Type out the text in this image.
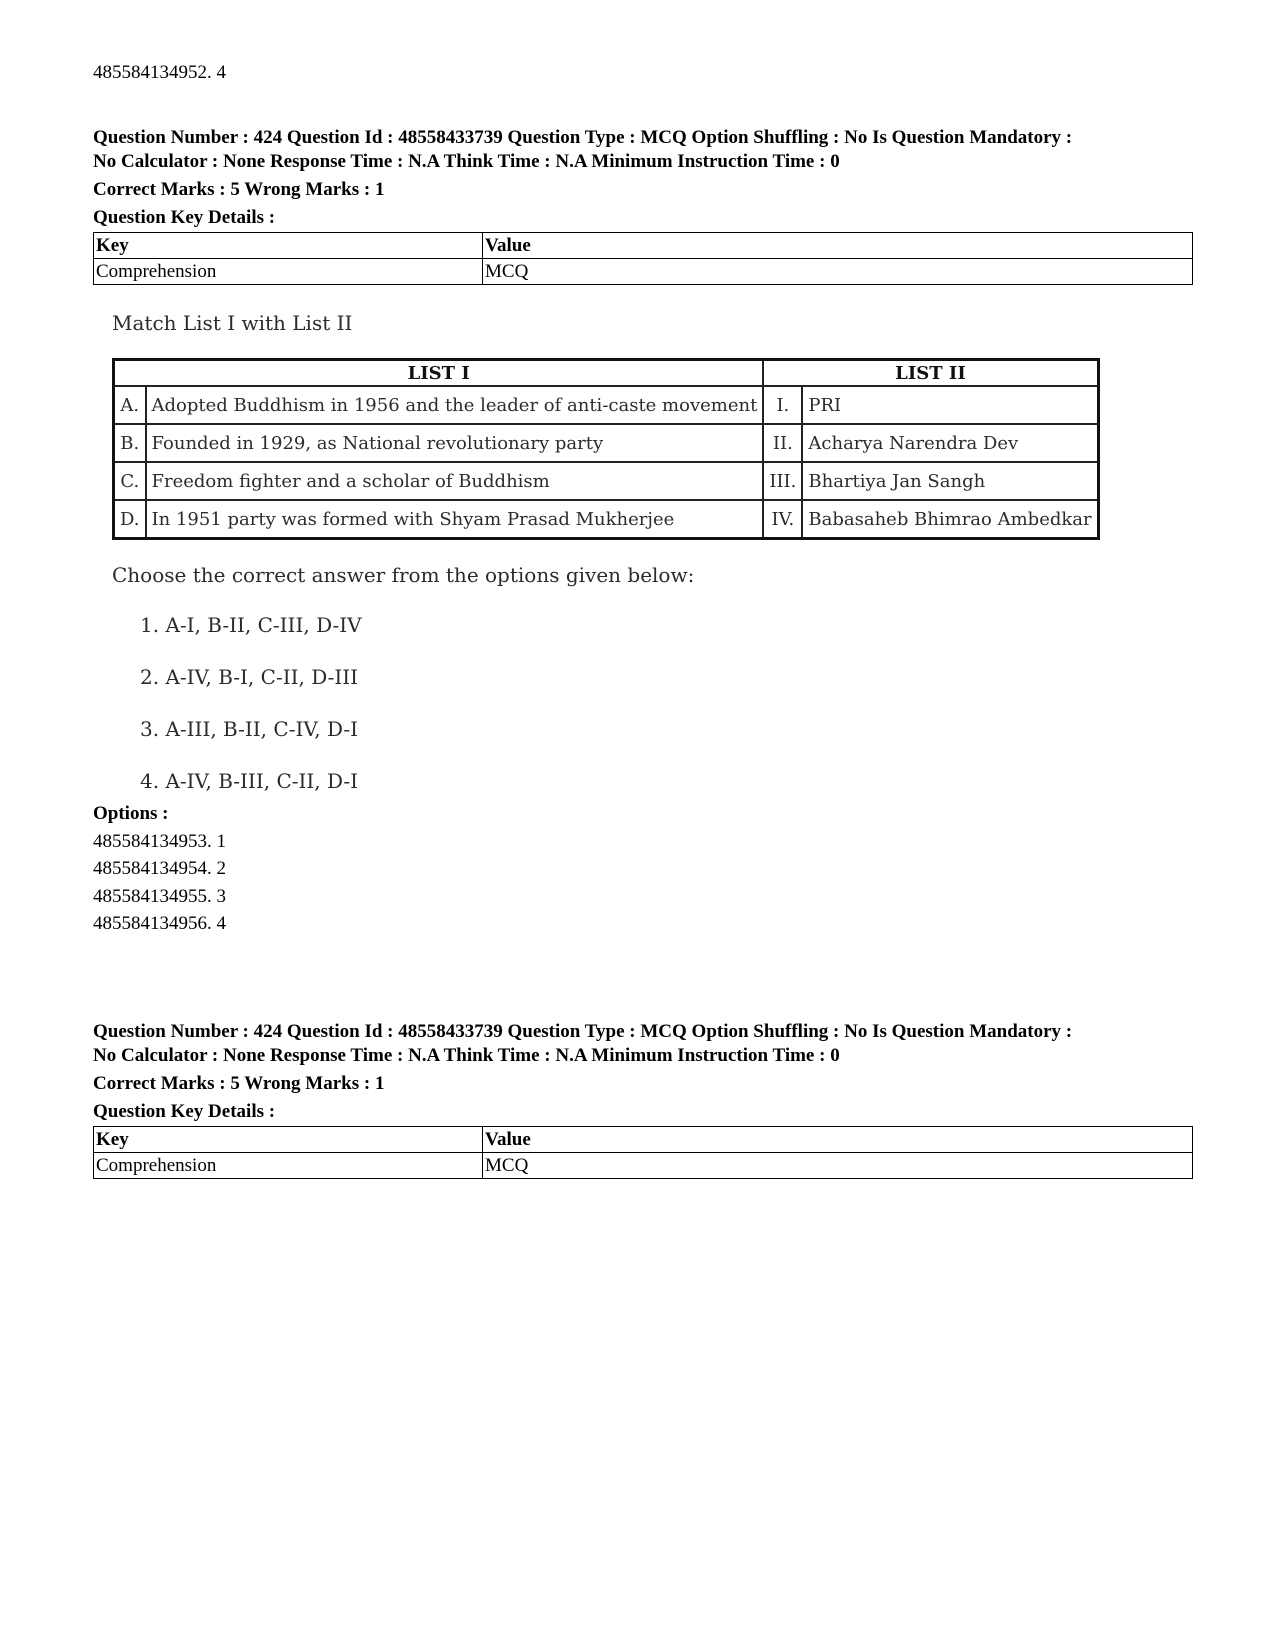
485584134952. 4
Question Number : 424 Question Id : 48558433739 Question Type : MCQ Option Shuffling : No Is Question Mandatory :
No Calculator : None Response Time : N.A Think Time : N.A Minimum Instruction Time : 0
Correct Marks : 5 Wrong Marks : 1
Question Key Details :
Key	Value
Comprehension	MCQ
Options :
485584134953. 1
485584134954. 2
485584134955. 3
485584134956. 4
Question Number : 424 Question Id : 48558433739 Question Type : MCQ Option Shuffling : No Is Question Mandatory :
No Calculator : None Response Time : N.A Think Time : N.A Minimum Instruction Time : 0
Correct Marks : 5 Wrong Marks : 1
Question Key Details :
Key	Value
Comprehension	MCQ
Match List I with List II
LIST I		LIST II	
A.	Adopted Buddhism in 1956 and the leader of anti-caste movement	I.	PRI
B.	Founded in 1929, as National revolutionary party	II.	Acharya Narendra Dev
C.	Freedom fighter and a scholar of Buddhism	III.	Bhartiya Jan Sangh
D.	In 1951 party was formed with Shyam Prasad Mukherjee	IV.	Babasaheb Bhimrao Ambedkar
Choose the correct answer from the options given below:
1. A-I, B-II, C-III, D-IV
2. A-IV, B-I, C-II, D-III
3. A-III, B-II, C-IV, D-I
4. A-IV, B-III, C-II, D-I
